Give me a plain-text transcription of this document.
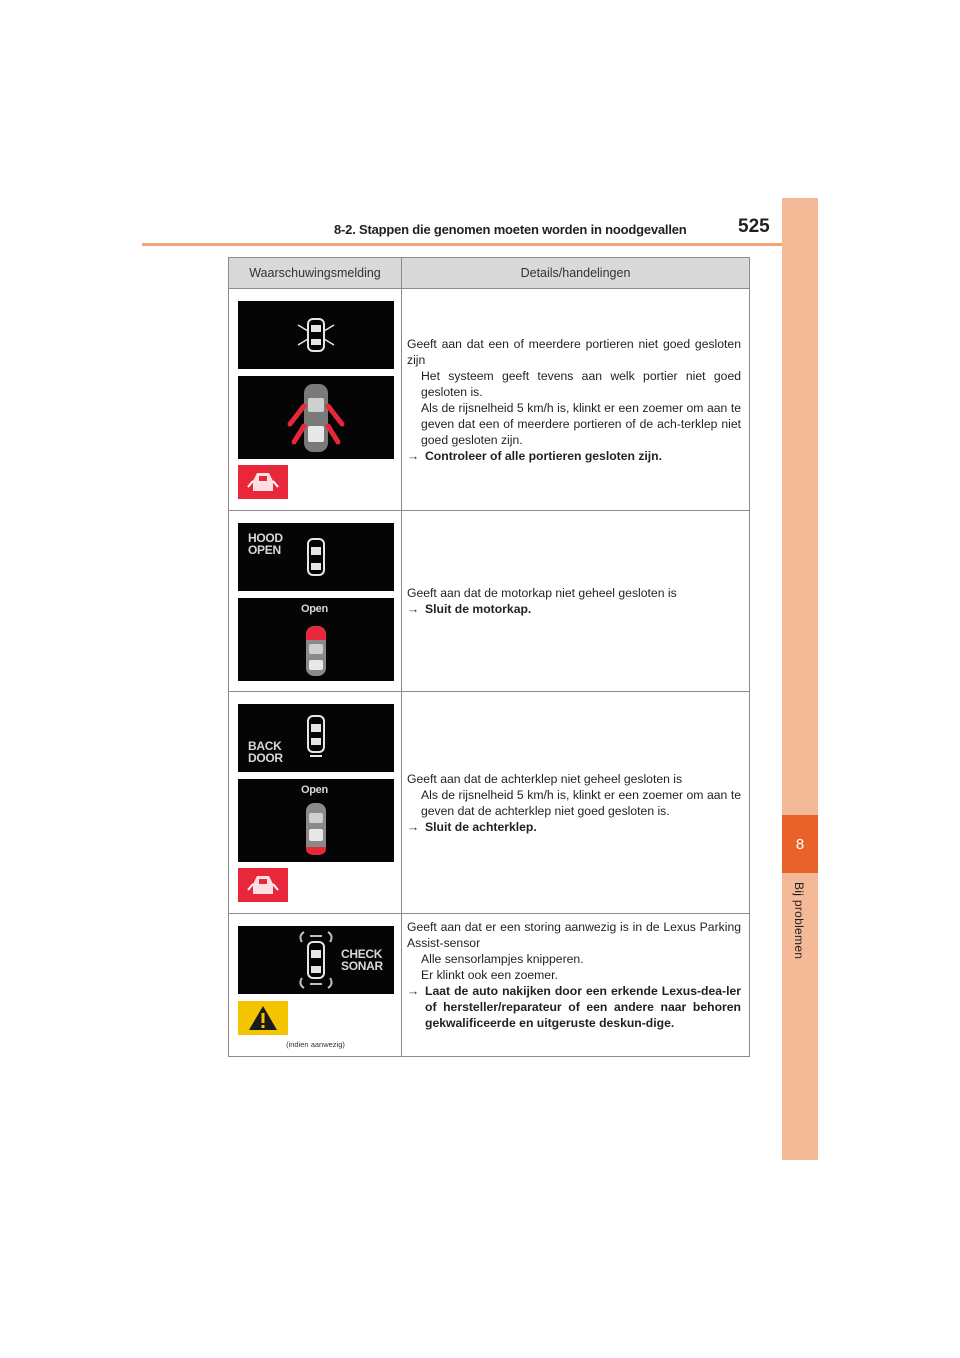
8
Bij problemen
8-2. Stappen die genomen moeten worden in noodgevallen	525
Waarschuwingsmelding	Details/handelingen
Geeft aan dat een of meerdere portieren niet goed gesloten zijn
Het systeem geeft tevens aan welk portier niet goed gesloten is.
Als de rijsnelheid 5 km/h is, klinkt er een zoemer om aan te geven dat een of meerdere portieren of de ach-terklep niet goed gesloten zijn.
→ Controleer of alle portieren gesloten zijn.
HOOD
OPEN
Open
Geeft aan dat de motorkap niet geheel gesloten is
→ Sluit de motorkap.
BACK
DOOR
Open
Geeft aan dat de achterklep niet geheel gesloten is
Als de rijsnelheid 5 km/h is, klinkt er een zoemer om aan te geven dat de achterklep niet goed gesloten is.
→ Sluit de achterklep.
CHECK
SONAR
(indien aanwezig)
Geeft aan dat er een storing aanwezig is in de Lexus Parking Assist-sensor
Alle sensorlampjes knipperen.
Er klinkt ook een zoemer.
→ Laat de auto nakijken door een erkende Lexus-dea-ler of hersteller/reparateur of een andere naar behoren gekwalificeerde en uitgeruste deskun-dige.
